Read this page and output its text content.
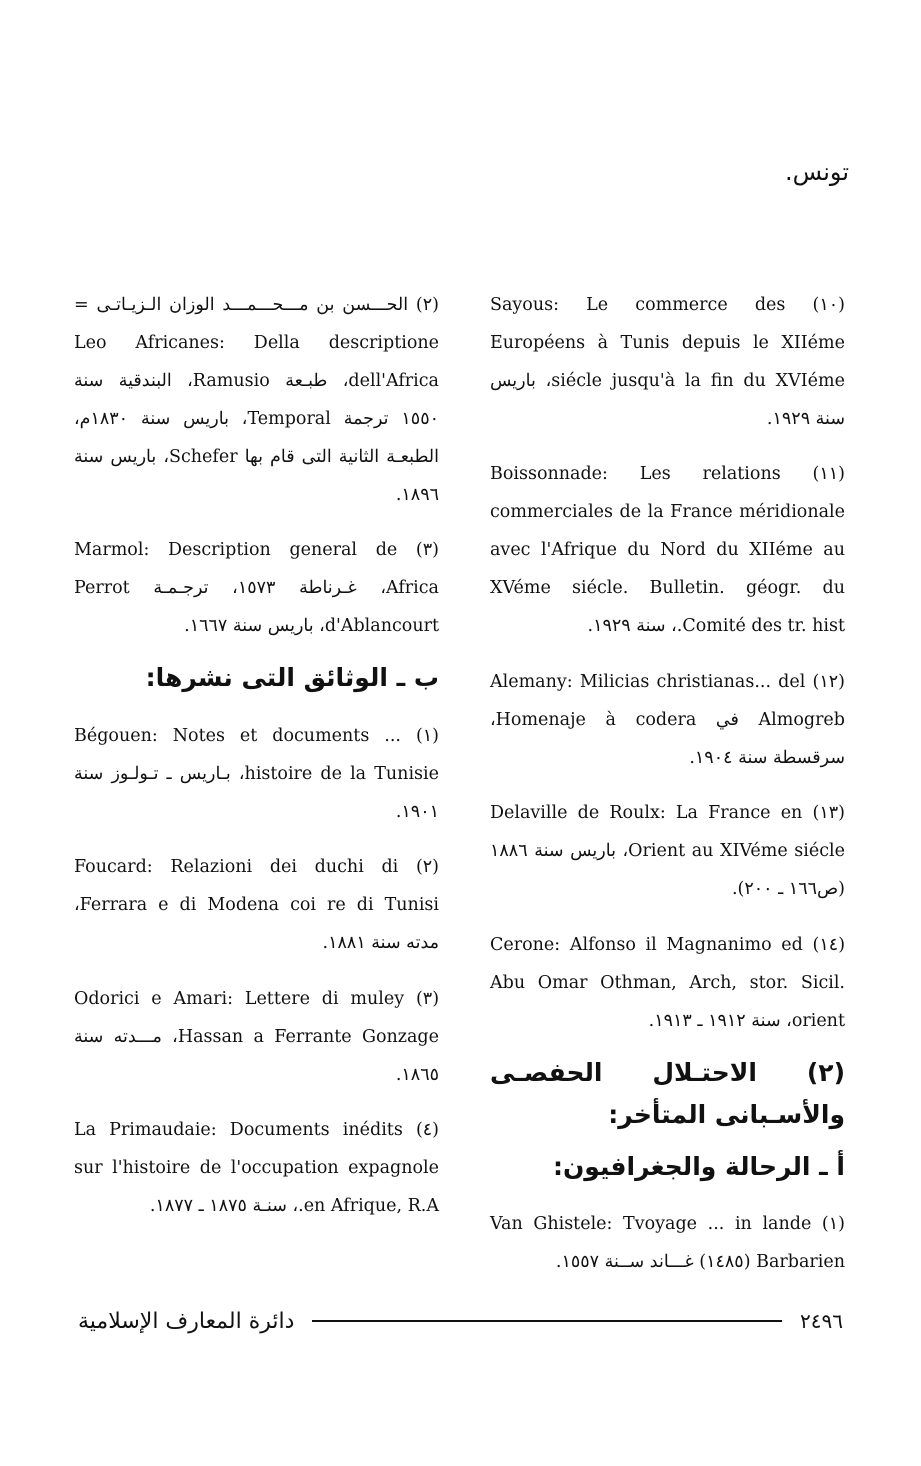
تونس.

(١٠) Sayous: Le commerce des Européens à Tunis depuis le XIIéme siécle jusqu'à la fin du XVIéme، باريس سنة ١٩٢٩.

(١١) Boissonnade: Les relations commerciales de la France méridionale avec l'Afrique du Nord du XIIéme au XVéme siécle. Bulletin. géogr. du Comité des tr. hist.، سنة ١٩٢٩.

(١٢) Alemany: Milicias christianas... del Almogreb في Homenaje à codera، سرقسطة سنة ١٩٠٤.

(١٣) Delaville de Roulx: La France en Orient au XIVéme siécle، باريس سنة ١٨٨٦ (ص١٦٦ ـ ٢٠٠).

(١٤) Cerone: Alfonso il Magnanimo ed Abu Omar Othman, Arch, stor. Sicil. orient، سنة ١٩١٢ ـ ١٩١٣.

(٢) الاحتـلال الحفصـى والأسـبانى المتأخر:
أ ـ الرحالة والجغرافيون:

(١) Van Ghistele: Tvoyage ... in lande Barbarien (١٤٨٥) غـــاند ســنة ١٥٥٧.

(٢) الحـــسن بن مـــحـــمـــد الوزان الـزيـاتـى = Leo Africanes: Della descriptione dell'Africa، طبـعة Ramusio، البندقية سنة ١٥٥٠ ترجمة Temporal، باريس سنة ١٨٣٠م، الطبعـة الثانية التى قام بها Schefer، باريس سنة ١٨٩٦.

(٣) Marmol: Description general de Africa، غـرناطة ١٥٧٣، ترجـمـة Perrot d'Ablancourt، باريس سنة ١٦٦٧.

ب ـ الوثائق التى نشرها:

(١) Bégouen: Notes et documents ... histoire de la Tunisie، بـاريس ـ تـولـوز سنة ١٩٠١.

(٢) Foucard: Relazioni dei duchi di Ferrara e di Modena coi re di Tunisi، مدته سنة ١٨٨١.

(٣) Odorici e Amari: Lettere di muley Hassan a Ferrante Gonzage، مـــدته سنة ١٨٦٥.

(٤) La Primaudaie: Documents inédits sur l'histoire de l'occupation expagnole en Afrique, R.A.، سنـة ١٨٧٥ ـ ١٨٧٧.

٢٤٩٦
دائرة المعارف الإسلامية
